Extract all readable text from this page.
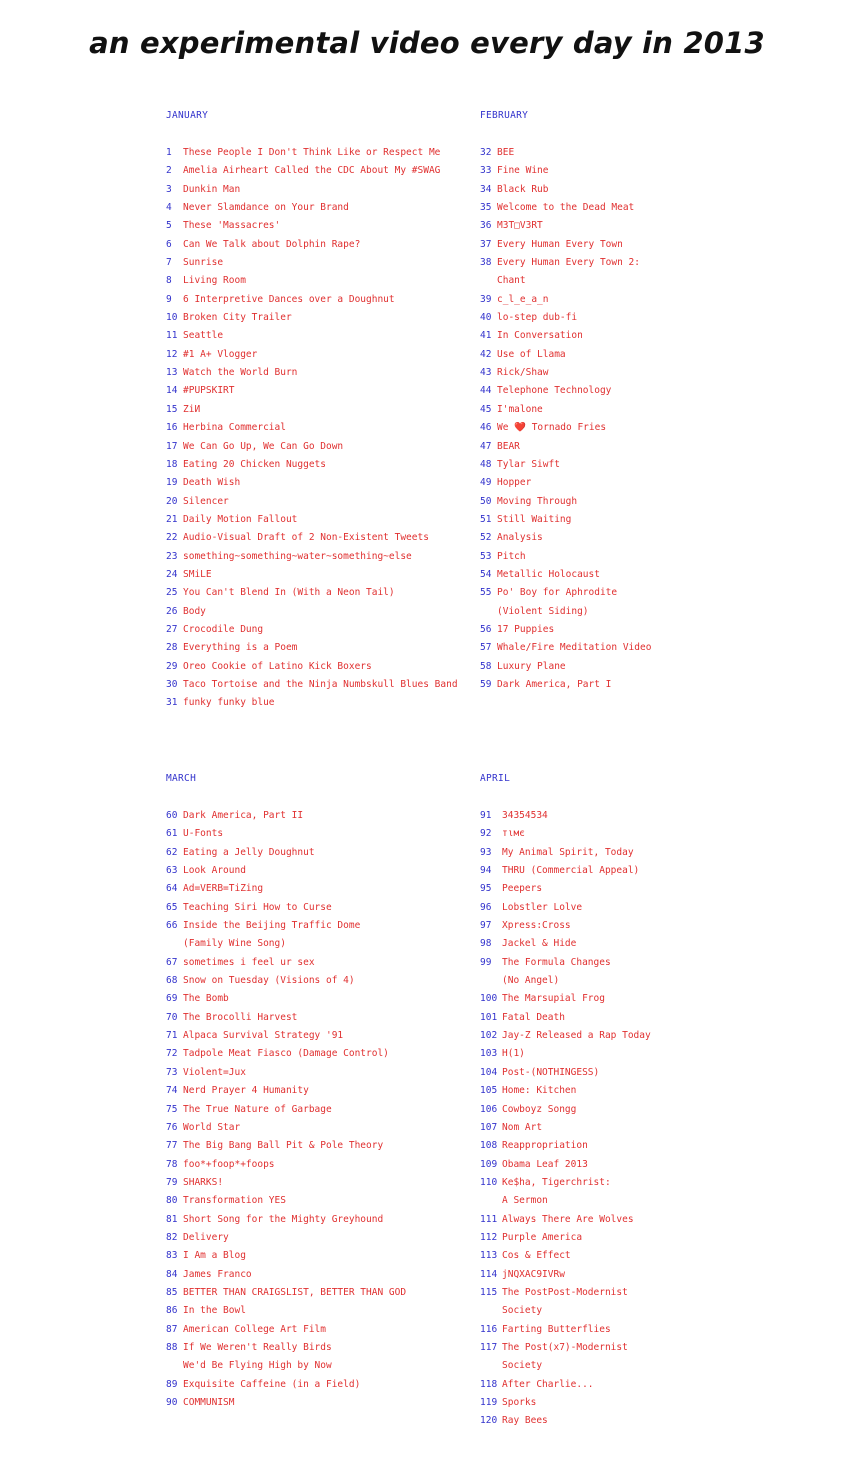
an experimental video every day in 2013
JANUARY
1 These People I Don't Think Like or Respect Me
2 Amelia Airheart Called the CDC About My #SWAG
3 Dunkin Man
4 Never Slamdance on Your Brand
5 These 'Massacres'
6 Can We Talk about Dolphin Rape?
7 Sunrise
8 Living Room
9 6 Interpretive Dances over a Doughnut
10 Broken City Trailer
11 Seattle
12 #1 A+ Vlogger
13 Watch the World Burn
14 #PUPSKIRT
15 ZiИ
16 Herbina Commercial
17 We Can Go Up, We Can Go Down
18 Eating 20 Chicken Nuggets
19 Death Wish
20 Silencer
21 Daily Motion Fallout
22 Audio-Visual Draft of 2 Non-Existent Tweets
23 something~something~water~something~else
24 SMiLE
25 You Can't Blend In (With a Neon Tail)
26 Body
27 Crocodile Dung
28 Everything is a Poem
29 Oreo Cookie of Latino Kick Boxers
30 Taco Tortoise and the Ninja Numbskull Blues Band
31 funky funky blue
FEBRUARY
32 BEE
33 Fine Wine
34 Black Rub
35 Welcome to the Dead Meat
36 M3T□V3RT
37 Every Human Every Town
38 Every Human Every Town 2:
Chant
39 c_l_e_a_n
40 lo-step dub-fi
41 In Conversation
42 Use of Llama
43 Rick/Shaw
44 Telephone Technology
45 I'malone
46 We ❤️ Tornado Fries
47 BEAR
48 Tylar Siwft
49 Hopper
50 Moving Through
51 Still Waiting
52 Analysis
53 Pitch
54 Metallic Holocaust
55 Po' Boy for Aphrodite
(Violent Siding)
56 17 Puppies
57 Whale/Fire Meditation Video
58 Luxury Plane
59 Dark America, Part I
MARCH
60 Dark America, Part II
61 U-Fonts
62 Eating a Jelly Doughnut
63 Look Around
64 Ad=VERB=TiZing
65 Teaching Siri How to Curse
66 Inside the Beijing Traffic Dome
(Family Wine Song)
67 sometimes i feel ur sex
68 Snow on Tuesday (Visions of 4)
69 The Bomb
70 The Brocolli Harvest
71 Alpaca Survival Strategy '91
72 Tadpole Meat Fiasco (Damage Control)
73 Violent=Jux
74 Nerd Prayer 4 Humanity
75 The True Nature of Garbage
76 World Star
77 The Big Bang Ball Pit & Pole Theory
78 foo*+foop*+foops
79 SHARKS!
80 Transformation YES
81 Short Song for the Mighty Greyhound
82 Delivery
83 I Am a Blog
84 James Franco
85 BETTER THAN CRAIGSLIST, BETTER THAN GOD
86 In the Bowl
87 American College Art Film
88 If We Weren't Really Birds
We'd Be Flying High by Now
89 Exquisite Caffeine (in a Field)
90 COMMUNISM
APRIL
91 34354534
92 тιмє
93 My Animal Spirit, Today
94 THRU (Commercial Appeal)
95 Peepers
96 Lobstler Lolve
97 Xpress:Cross
98 Jackel & Hide
99 The Formula Changes
(No Angel)
100 The Marsupial Frog
101 Fatal Death
102 Jay-Z Released a Rap Today
103 H(1)
104 Post-(NOTHINGESS)
105 Home: Kitchen
106 Cowboyz Songg
107 Nom Art
108 Reappropriation
109 Obama Leaf 2013
110 Ke$ha, Tigerchrist:
A Sermon
111 Always There Are Wolves
112 Purple America
113 Cos & Effect
114 jNQXAC9IVRw
115 The PostPost-Modernist
Society
116 Farting Butterflies
117 The Post(x7)-Modernist
Society
118 After Charlie...
119 Sporks
120 Ray Bees
